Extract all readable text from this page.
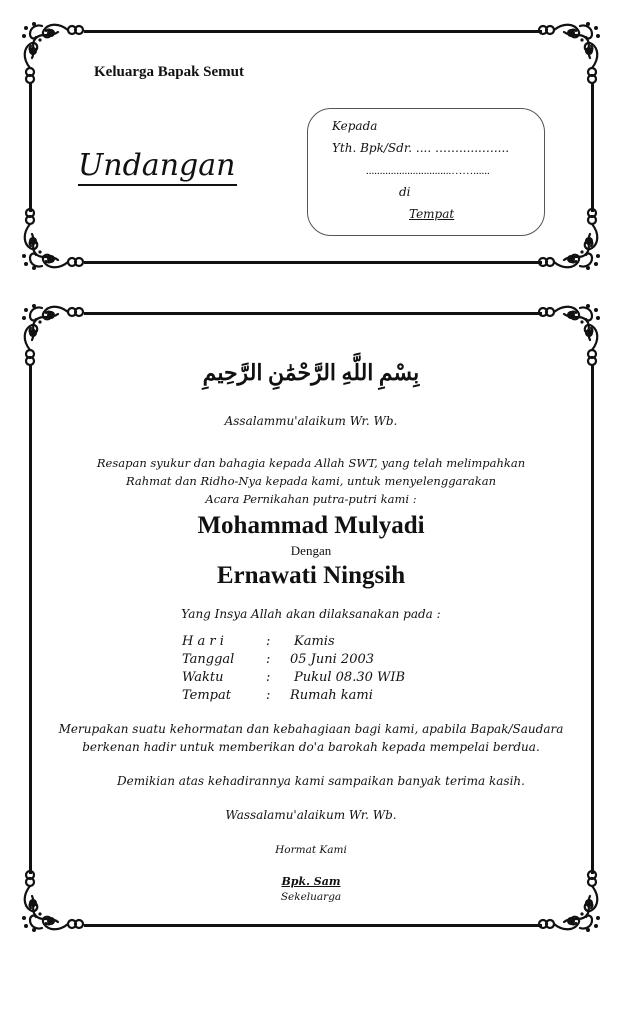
Keluarga Bapak Semut
Undangan
Kepada
Yth. Bpk/Sdr. .... ……......…....
...............................……......
di
Tempat
بِسْمِ اللَّهِ الرَّحْمَٰنِ الرَّحِيمِ
Assalammu'alaikum Wr. Wb.
Resapan syukur dan bahagia kepada Allah SWT, yang telah melimpahkan
Rahmat dan Ridho-Nya kepada kami, untuk menyelenggarakan
Acara Pernikahan putra-putri kami :
Mohammad Mulyadi
Dengan
Ernawati Ningsih
Yang Insya Allah akan dilaksanakan pada :
H a r i	: Kamis
Tanggal : 05 Juni 2003
Waktu	: Pukul 08.30 WIB
Tempat	: Rumah kami
Merupakan suatu kehormatan dan kebahagiaan bagi kami, apabila Bapak/Saudara
berkenan hadir untuk memberikan do'a barokah kepada mempelai berdua.
Demikian atas kehadirannya kami sampaikan banyak terima kasih.
Wassalamu'alaikum Wr. Wb.
Hormat Kami
Bpk. Sam
Sekeluarga
